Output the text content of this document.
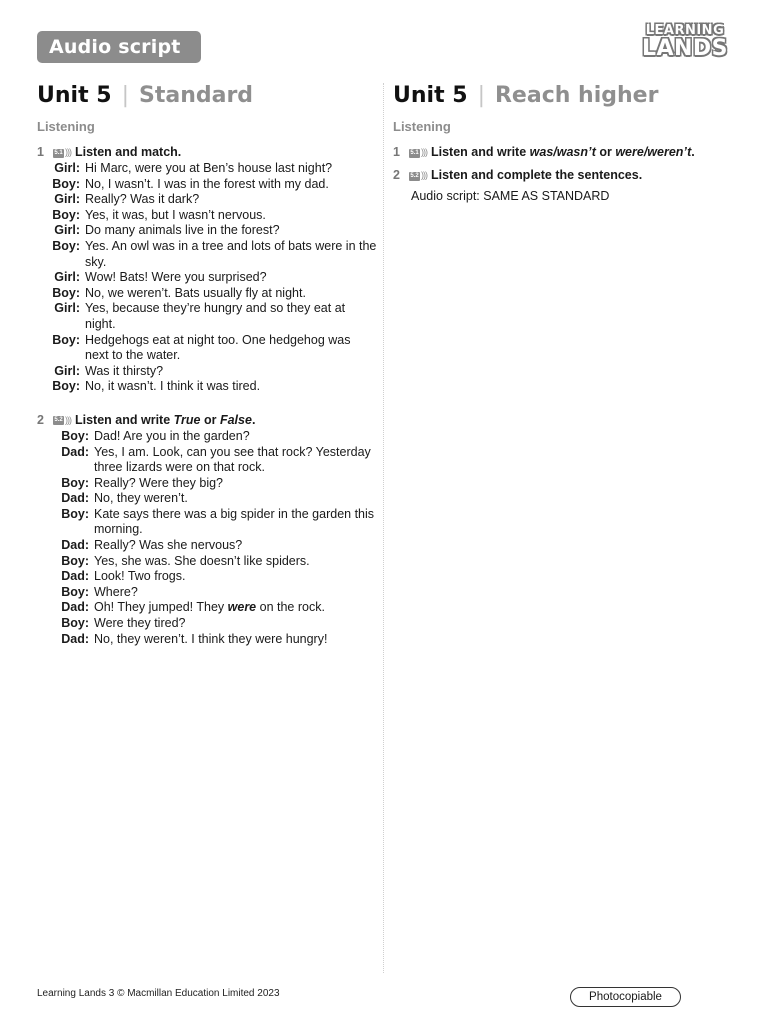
Audio script
LEARNING
LANDS
Unit 5 | Standard
Listening
1	5.1 ))) Listen and match.
Girl: Hi Marc, were you at Ben’s house last night?
Boy: No, I wasn’t. I was in the forest with my dad.
Girl: Really? Was it dark?
Boy: Yes, it was, but I wasn’t nervous.
Girl: Do many animals live in the forest?
Boy: Yes. An owl was in a tree and lots of bats were in the sky.
Girl: Wow! Bats! Were you surprised?
Boy: No, we weren’t. Bats usually fly at night.
Girl: Yes, because they’re hungry and so they eat at night.
Boy: Hedgehogs eat at night too. One hedgehog was next to the water.
Girl: Was it thirsty?
Boy: No, it wasn’t. I think it was tired.
2	5.2 ))) Listen and write True or False.
Boy: Dad! Are you in the garden?
Dad: Yes, I am. Look, can you see that rock? Yesterday three lizards were on that rock.
Boy: Really? Were they big?
Dad: No, they weren’t.
Boy: Kate says there was a big spider in the garden this morning.
Dad: Really? Was she nervous?
Boy: Yes, she was. She doesn’t like spiders.
Dad: Look! Two frogs.
Boy: Where?
Dad: Oh! They jumped! They were on the rock.
Boy: Were they tired?
Dad: No, they weren’t. I think they were hungry!
Unit 5 | Reach higher
Listening
1	5.1 ))) Listen and write was/wasn’t or were/weren’t.
2	5.2 ))) Listen and complete the sentences.
Audio script: SAME AS STANDARD
Learning Lands 3 © Macmillan Education Limited 2023	Photocopiable
